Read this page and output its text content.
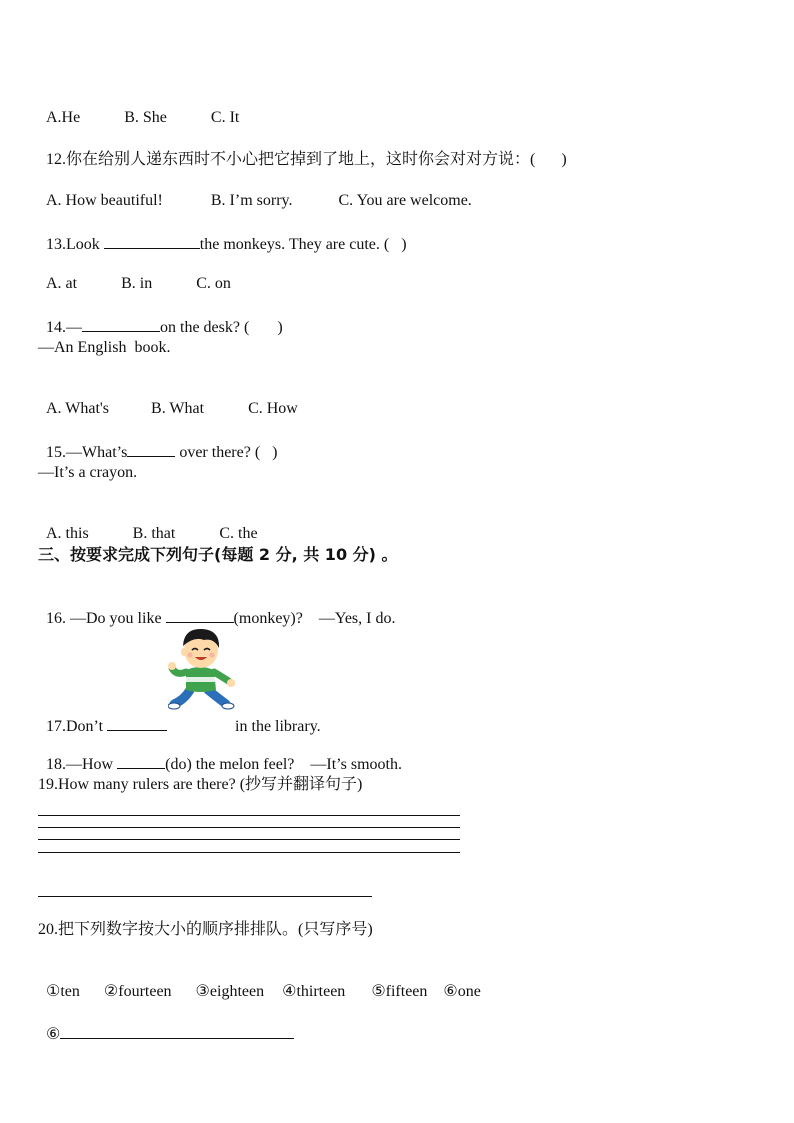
A.He	B. She	C. It

12.你在给别人递东西时不小心把它掉到了地上，这时你会对对方说：( )

A. How beautiful!	B. I’m sorry.	C. You are welcome.

13.Look	the monkeys. They are cute. ( )

A. at	B. in	C. on

14.—	on the desk? ( )

—An English  book.

A. What's	B. What	C. How

15.—What’s	over there? ( )

—It’s a crayon.

A. this	B. that	C. the

三、按要求完成下列句子(每题 2 分, 共 10 分) 。

16. —Do you like	(monkey)? —Yes, I do.

17.Don’t	in the library.

18.—How	(do) the melon feel? —It’s smooth.

19.How many rulers are there? (抄写并翻译句子)
20.把下列数字按大小的顺序排排队。(只写序号)

①ten ②fourteen ③eighteen ④thirteen ⑤fifteen ⑥one

⑥
